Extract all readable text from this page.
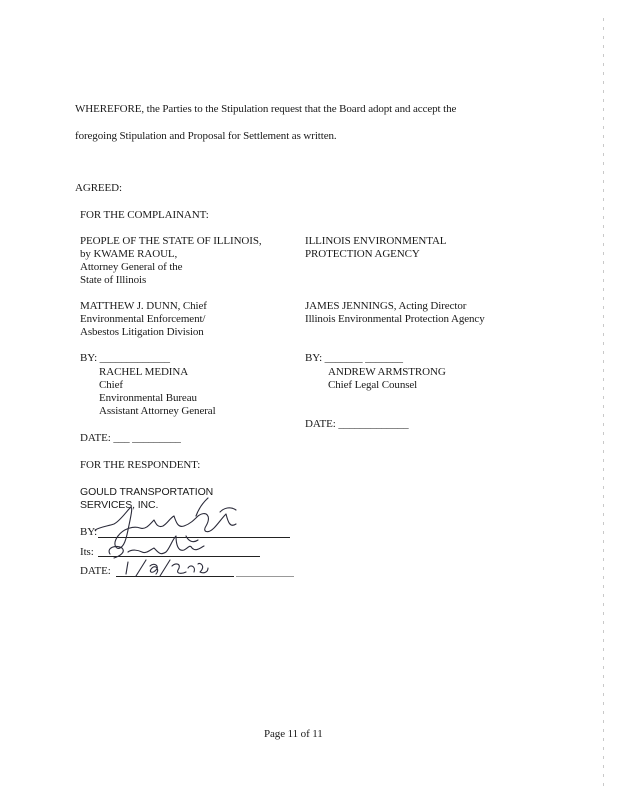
WHEREFORE, the Parties to the Stipulation request that the Board adopt and accept the
foregoing Stipulation and Proposal for Settlement as written.
AGREED:
FOR THE COMPLAINANT:
PEOPLE OF THE STATE OF ILLINOIS,
by KWAME RAOUL,
Attorney General of the
State of Illinois
ILLINOIS ENVIRONMENTAL
PROTECTION AGENCY
MATTHEW J. DUNN, Chief
Environmental Enforcement/
Asbestos Litigation Division
JAMES JENNINGS, Acting Director
Illinois Environmental Protection Agency
BY: _____________
RACHEL MEDINA
Chief
Environmental Bureau
Assistant Attorney General
DATE: ___ _________
BY: _______ _______
ANDREW ARMSTRONG
Chief Legal Counsel
DATE: _____________
FOR THE RESPONDENT:
GOULD TRANSPORTATION
SERVICES, INC.
BY:
Its:
DATE:
Page 11 of 11
